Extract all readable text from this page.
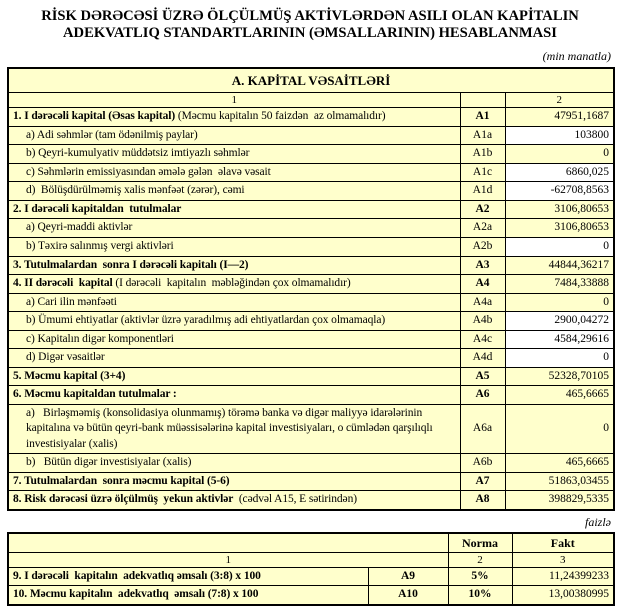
RİSK DƏRƏCƏSİ ÜZRƏ ÖLÇÜLMÜŞ AKTİVLƏRDƏN ASILI OLAN KAPİTALIN
ADEKVATLIQ STANDARTLARININ (ƏMSALLARININ) HESABLANMASI
(min manatla)
A. KAPİTAL VƏSAİTLƏRİ		
1		2
1. I dərəcəli kapital (Əsas kapital) (Məcmu kapitalın 50 faizdən  az olmamalıdır)	A1	47951,1687
a) Adi səhmlər (tam ödənilmiş paylar)	A1a	103800
b) Qeyri-kumulyativ müddətsiz imtiyazlı səhmlər	A1b	0
c) Səhmlərin emissiyasından əmələ gələn  əlavə vəsait	A1c	6860,025
d)  Bölüşdürülməmiş xalis mənfəət (zərər), cəmi	A1d	-62708,8563
2. I dərəcəli kapitaldan  tutulmalar	A2	3106,80653
a) Qeyri-maddi aktivlər	A2a	3106,80653
b) Təxirə salınmış vergi aktivləri	A2b	0
3. Tutulmalardan  sonra I dərəcəli kapitalı (I—2)	A3	44844,36217
4. II dərəcəli  kapital (I dərəcəli  kapitalın  məbləğindən çox olmamalıdır)	A4	7484,33888
a) Cari ilin mənfəəti	A4a	0
b) Ümumi ehtiyatlar (aktivlər üzrə yaradılmış adi ehtiyatlardan çox olmamaqla)	A4b	2900,04272
c) Kapitalın digər komponentləri	A4c	4584,29616
d) Digər vəsaitlər	A4d	0
5. Məcmu kapital (3+4)	A5	52328,70105
6. Məcmu kapitaldan tutulmalar :	A6	465,6665
a)   Birləşməmiş (konsolidasiya olunmamış) törəmə banka və digər maliyyə idarələrinin kapitalına və bütün qeyri-bank müəssisələrinə kapital investisiyaları, o cümlədən qarşılıqlı investisiyalar (xalis)	A6a	0
b)   Bütün digər investisiyalar (xalis)	A6b	465,6665
7. Tutulmalardan  sonra məcmu kapital (5-6)	A7	51863,03455
8. Risk dərəcəsi üzrə ölçülmüş  yekun aktivlər  (cədvəl A15, E sətirindən)	A8	398829,5335
faizlə
		Norma	Fakt
1		2	3
9. I dərəcəli  kapitalın  adekvatlıq əmsalı (3:8) x 100	A9	5%	11,24399233
10. Məcmu kapitalın  adekvatlıq  əmsalı (7:8) x 100	A10	10%	13,00380995
